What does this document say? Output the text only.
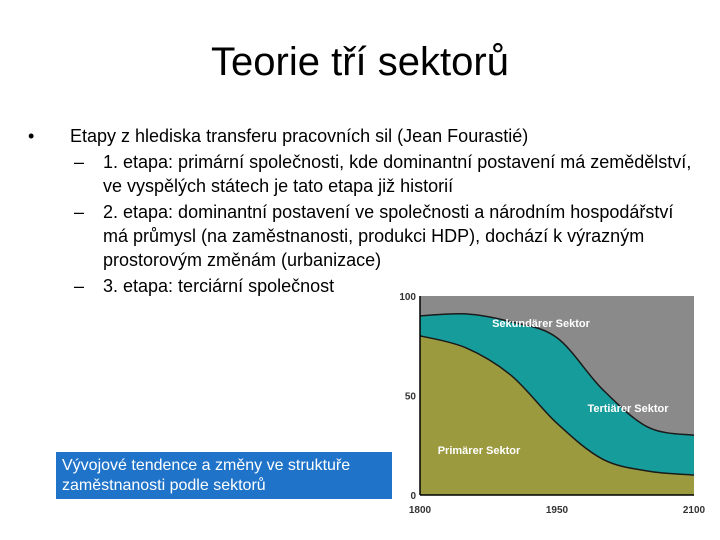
Teorie tří sektorů
• Etapy z hlediska transferu pracovních sil (Jean Fourastié)
– 1. etapa: primární společnosti, kde dominantní postavení má zemědělství, ve vyspělých státech je tato etapa již historií
– 2. etapa: dominantní postavení ve společnosti a národním hospodářství má průmysl (na zaměstnanosti, produkci HDP), dochází k výrazným prostorovým změnám (urbanizace)
– 3. etapa: terciární společnost
Vývojové tendence a změny ve struktuře zaměstnanosti podle sektorů
100
50
0
1800	1950	2100
Sekundärer Sektor
Tertiärer Sektor
Primärer Sektor
